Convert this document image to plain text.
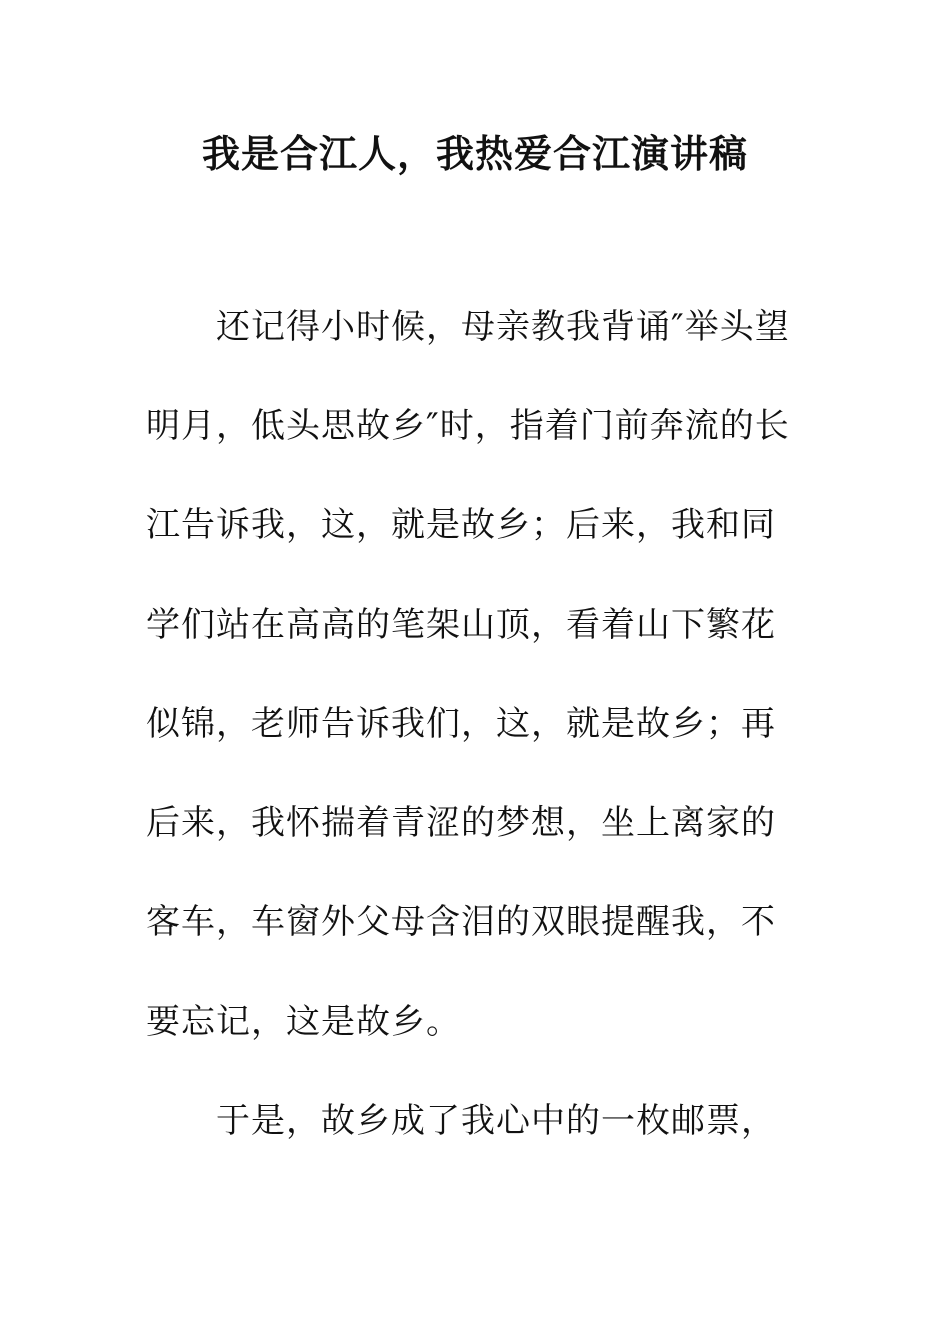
我是合江人，我热爱合江演讲稿
还记得小时候，母亲教我背诵″举头望
明月，低头思故乡″时，指着门前奔流的长
江告诉我，这，就是故乡；后来，我和同
学们站在高高的笔架山顶，看着山下繁花
似锦，老师告诉我们，这，就是故乡；再
后来，我怀揣着青涩的梦想，坐上离家的
客车，车窗外父母含泪的双眼提醒我，不
要忘记，这是故乡。
于是，故乡成了我心中的一枚邮票，
